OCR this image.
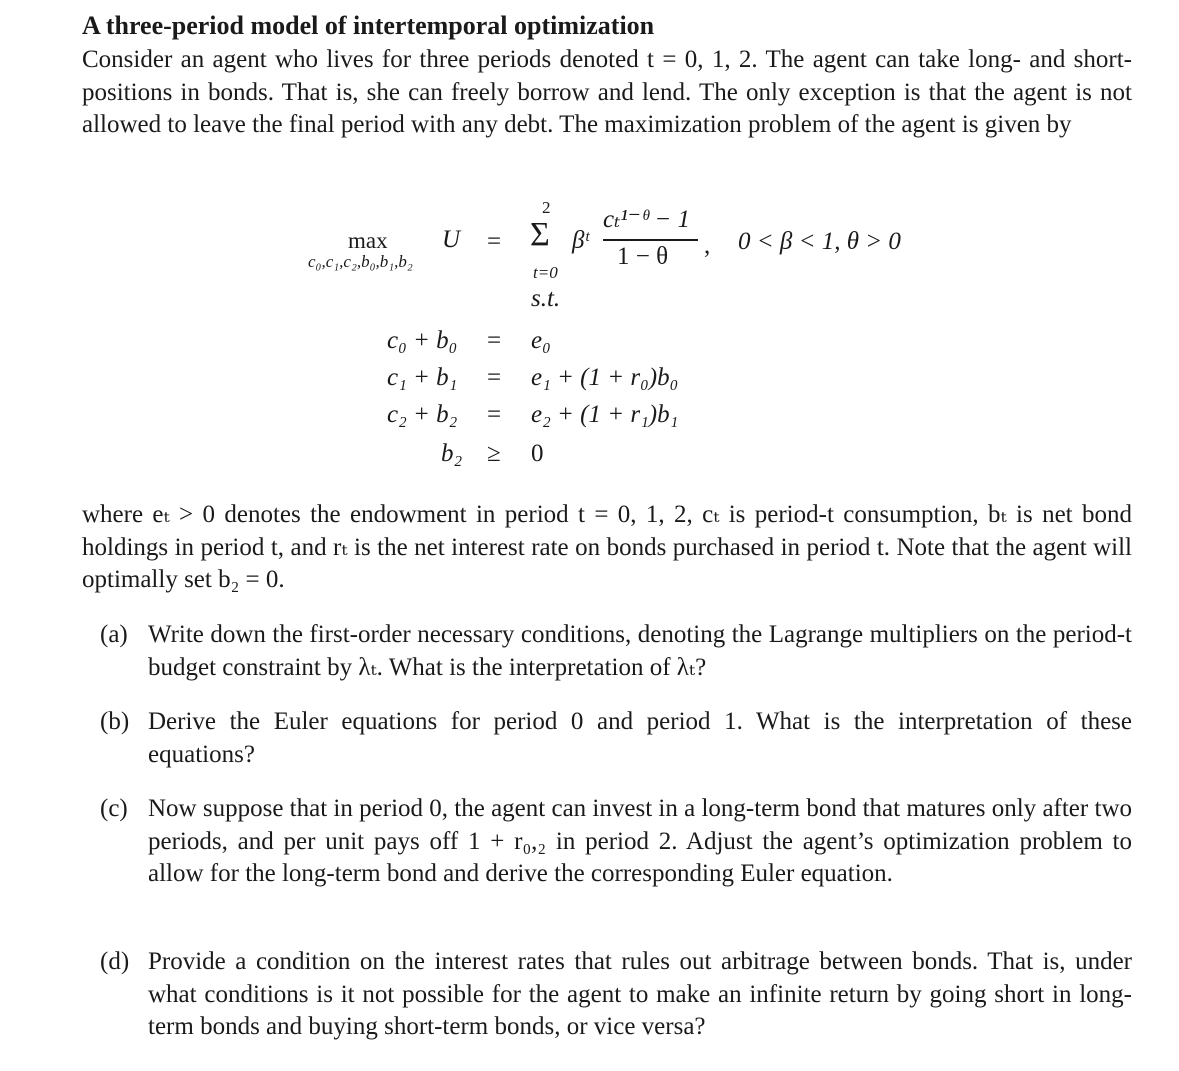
A three-period model of intertemporal optimization
Consider an agent who lives for three periods denoted t = 0, 1, 2. The agent can take long- and short-positions in bonds. That is, she can freely borrow and lend. The only exception is that the agent is not allowed to leave the final period with any debt. The maximization problem of the agent is given by
max
c₀,c₁,c₂,b₀,b₁,b₂
U =
2
Σ
t=0
βᵗ
cₜ¹⁻ᶿ − 1
1 − θ , 0 < β < 1, θ > 0
s.t.
c₀ + b₀ = e₀
c₁ + b₁ = e₁ + (1 + r₀)b₀
c₂ + b₂ = e₂ + (1 + r₁)b₁
b₂ ≥ 0
where eₜ > 0 denotes the endowment in period t = 0, 1, 2, cₜ is period-t consumption, bₜ is net bond holdings in period t, and rₜ is the net interest rate on bonds purchased in period t. Note that the agent will optimally set b₂ = 0.
(a) Write down the first-order necessary conditions, denoting the Lagrange multipliers on the period-t budget constraint by λₜ. What is the interpretation of λₜ?
(b) Derive the Euler equations for period 0 and period 1. What is the interpretation of these equations?
(c) Now suppose that in period 0, the agent can invest in a long-term bond that matures only after two periods, and per unit pays off 1 + r₀,₂ in period 2. Adjust the agent’s optimization problem to allow for the long-term bond and derive the corresponding Euler equation.
(d) Provide a condition on the interest rates that rules out arbitrage between bonds. That is, under what conditions is it not possible for the agent to make an infinite return by going short in long-term bonds and buying short-term bonds, or vice versa?
